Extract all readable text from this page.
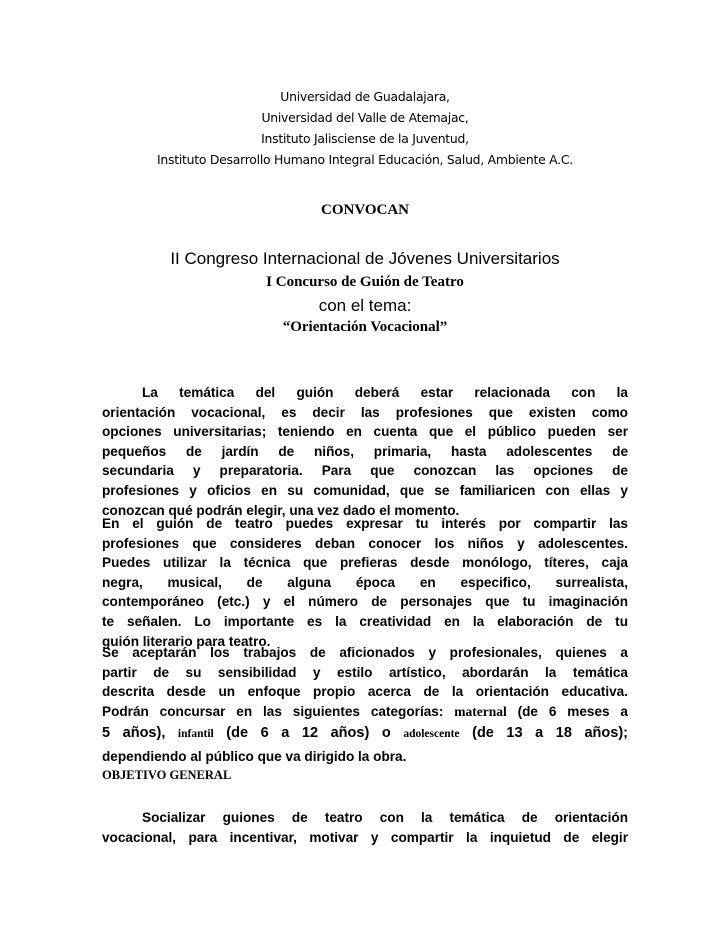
Universidad de Guadalajara,
Universidad del Valle de Atemajac,
Instituto Jalisciense de la Juventud,
Instituto Desarrollo Humano Integral Educación, Salud, Ambiente A.C.
CONVOCAN
II Congreso Internacional de Jóvenes Universitarios
I Concurso de Guión de Teatro
con el tema:
“Orientación Vocacional”
La temática del guión deberá estar relacionada con la
orientación vocacional, es decir las profesiones que existen como
opciones universitarias; teniendo en cuenta que el público pueden ser
pequeños de jardín de niños, primaria, hasta adolescentes de
secundaria y preparatoria. Para que conozcan las opciones de
profesiones y oficios en su comunidad, que se familiaricen con ellas y
conozcan qué podrán elegir, una vez dado el momento.
En el guión de teatro puedes expresar tu interés por compartir las
profesiones que consideres deban conocer los niños y adolescentes.
Puedes utilizar la técnica que prefieras desde monólogo, títeres, caja
negra, musical, de alguna época en especifico, surrealista,
contemporáneo (etc.) y el número de personajes que tu imaginación
te señalen. Lo importante es la creatividad en la elaboración de tu
guión literario para teatro.
Se aceptarán los trabajos de aficionados y profesionales, quienes a
partir de su sensibilidad y estilo artístico, abordarán la temática
descrita desde un enfoque propio acerca de la orientación educativa.
Podrán concursar en las siguientes categorías: maternal (de 6 meses a
5 años), infantil (de 6 a 12 años) o adolescente (de 13 a 18 años);
dependiendo al público que va dirigido la obra.
OBJETIVO GENERAL
Socializar guiones de teatro con la temática de orientación
vocacional, para incentivar, motivar y compartir la inquietud de elegir
